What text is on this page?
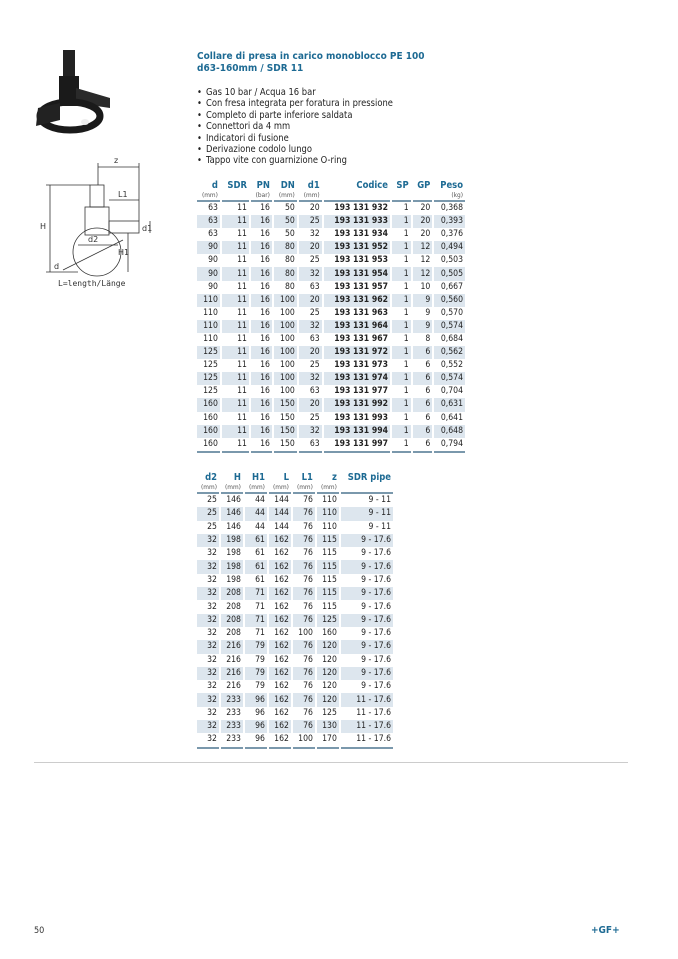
z
H
L1
d1
d2
H1
d
L=length/Länge
Collare di presa in carico monoblocco PE 100
d63-160mm / SDR 11
• Gas 10 bar / Acqua 16 bar
• Con fresa integrata per foratura in pressione
• Completo di parte inferiore saldata
• Connettori da 4 mm
• Indicatori di fusione
• Derivazione codolo lungo
• Tappo vite con guarnizione O-ring
d	SDR	PN	DN	d1	Codice	SP	GP	Peso
(mm)		(bar)	(mm)	(mm)				(kg)
63	11	16	50	20	193 131 932	1	20	0,368
63	11	16	50	25	193 131 933	1	20	0,393
63	11	16	50	32	193 131 934	1	20	0,376
90	11	16	80	20	193 131 952	1	12	0,494
90	11	16	80	25	193 131 953	1	12	0,503
90	11	16	80	32	193 131 954	1	12	0,505
90	11	16	80	63	193 131 957	1	10	0,667
110	11	16	100	20	193 131 962	1	9	0,560
110	11	16	100	25	193 131 963	1	9	0,570
110	11	16	100	32	193 131 964	1	9	0,574
110	11	16	100	63	193 131 967	1	8	0,684
125	11	16	100	20	193 131 972	1	6	0,562
125	11	16	100	25	193 131 973	1	6	0,552
125	11	16	100	32	193 131 974	1	6	0,574
125	11	16	100	63	193 131 977	1	6	0,704
160	11	16	150	20	193 131 992	1	6	0,631
160	11	16	150	25	193 131 993	1	6	0,641
160	11	16	150	32	193 131 994	1	6	0,648
160	11	16	150	63	193 131 997	1	6	0,794
d2	H	H1	L	L1	z	SDR pipe
(mm)	(mm)	(mm)	(mm)	(mm)	(mm)	
25	146	44	144	76	110	9 - 11
25	146	44	144	76	110	9 - 11
25	146	44	144	76	110	9 - 11
32	198	61	162	76	115	9 - 17.6
32	198	61	162	76	115	9 - 17.6
32	198	61	162	76	115	9 - 17.6
32	198	61	162	76	115	9 - 17.6
32	208	71	162	76	115	9 - 17.6
32	208	71	162	76	115	9 - 17.6
32	208	71	162	76	125	9 - 17.6
32	208	71	162	100	160	9 - 17.6
32	216	79	162	76	120	9 - 17.6
32	216	79	162	76	120	9 - 17.6
32	216	79	162	76	120	9 - 17.6
32	216	79	162	76	120	9 - 17.6
32	233	96	162	76	120	11 - 17.6
32	233	96	162	76	125	11 - 17.6
32	233	96	162	76	130	11 - 17.6
32	233	96	162	100	170	11 - 17.6
50	+GF+
